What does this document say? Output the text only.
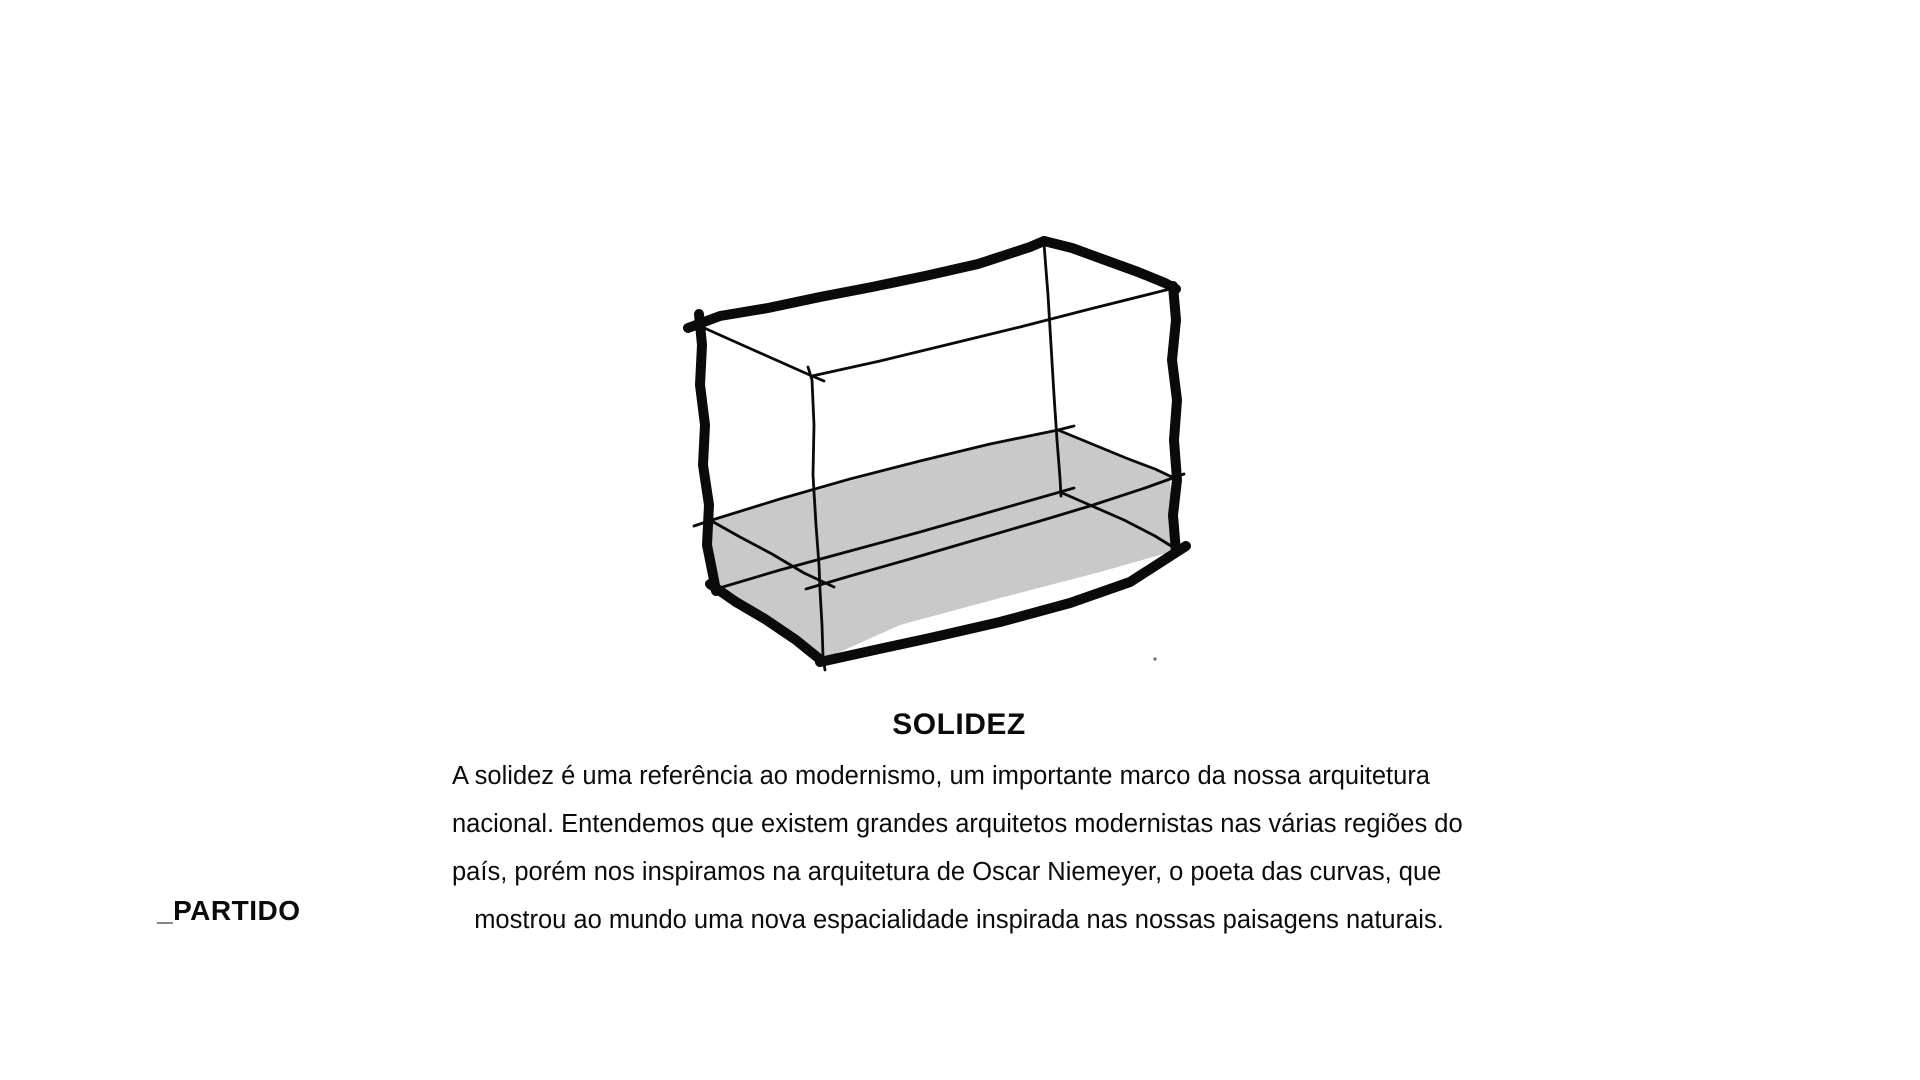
SOLIDEZ
A solidez é uma referência ao modernismo, um importante marco da nossa arquitetura
nacional. Entendemos que existem grandes arquitetos modernistas nas várias regiões do
país, porém nos inspiramos na arquitetura de Oscar Niemeyer, o poeta das curvas, que
mostrou ao mundo uma nova espacialidade inspirada nas nossas paisagens naturais.
_PARTIDO
